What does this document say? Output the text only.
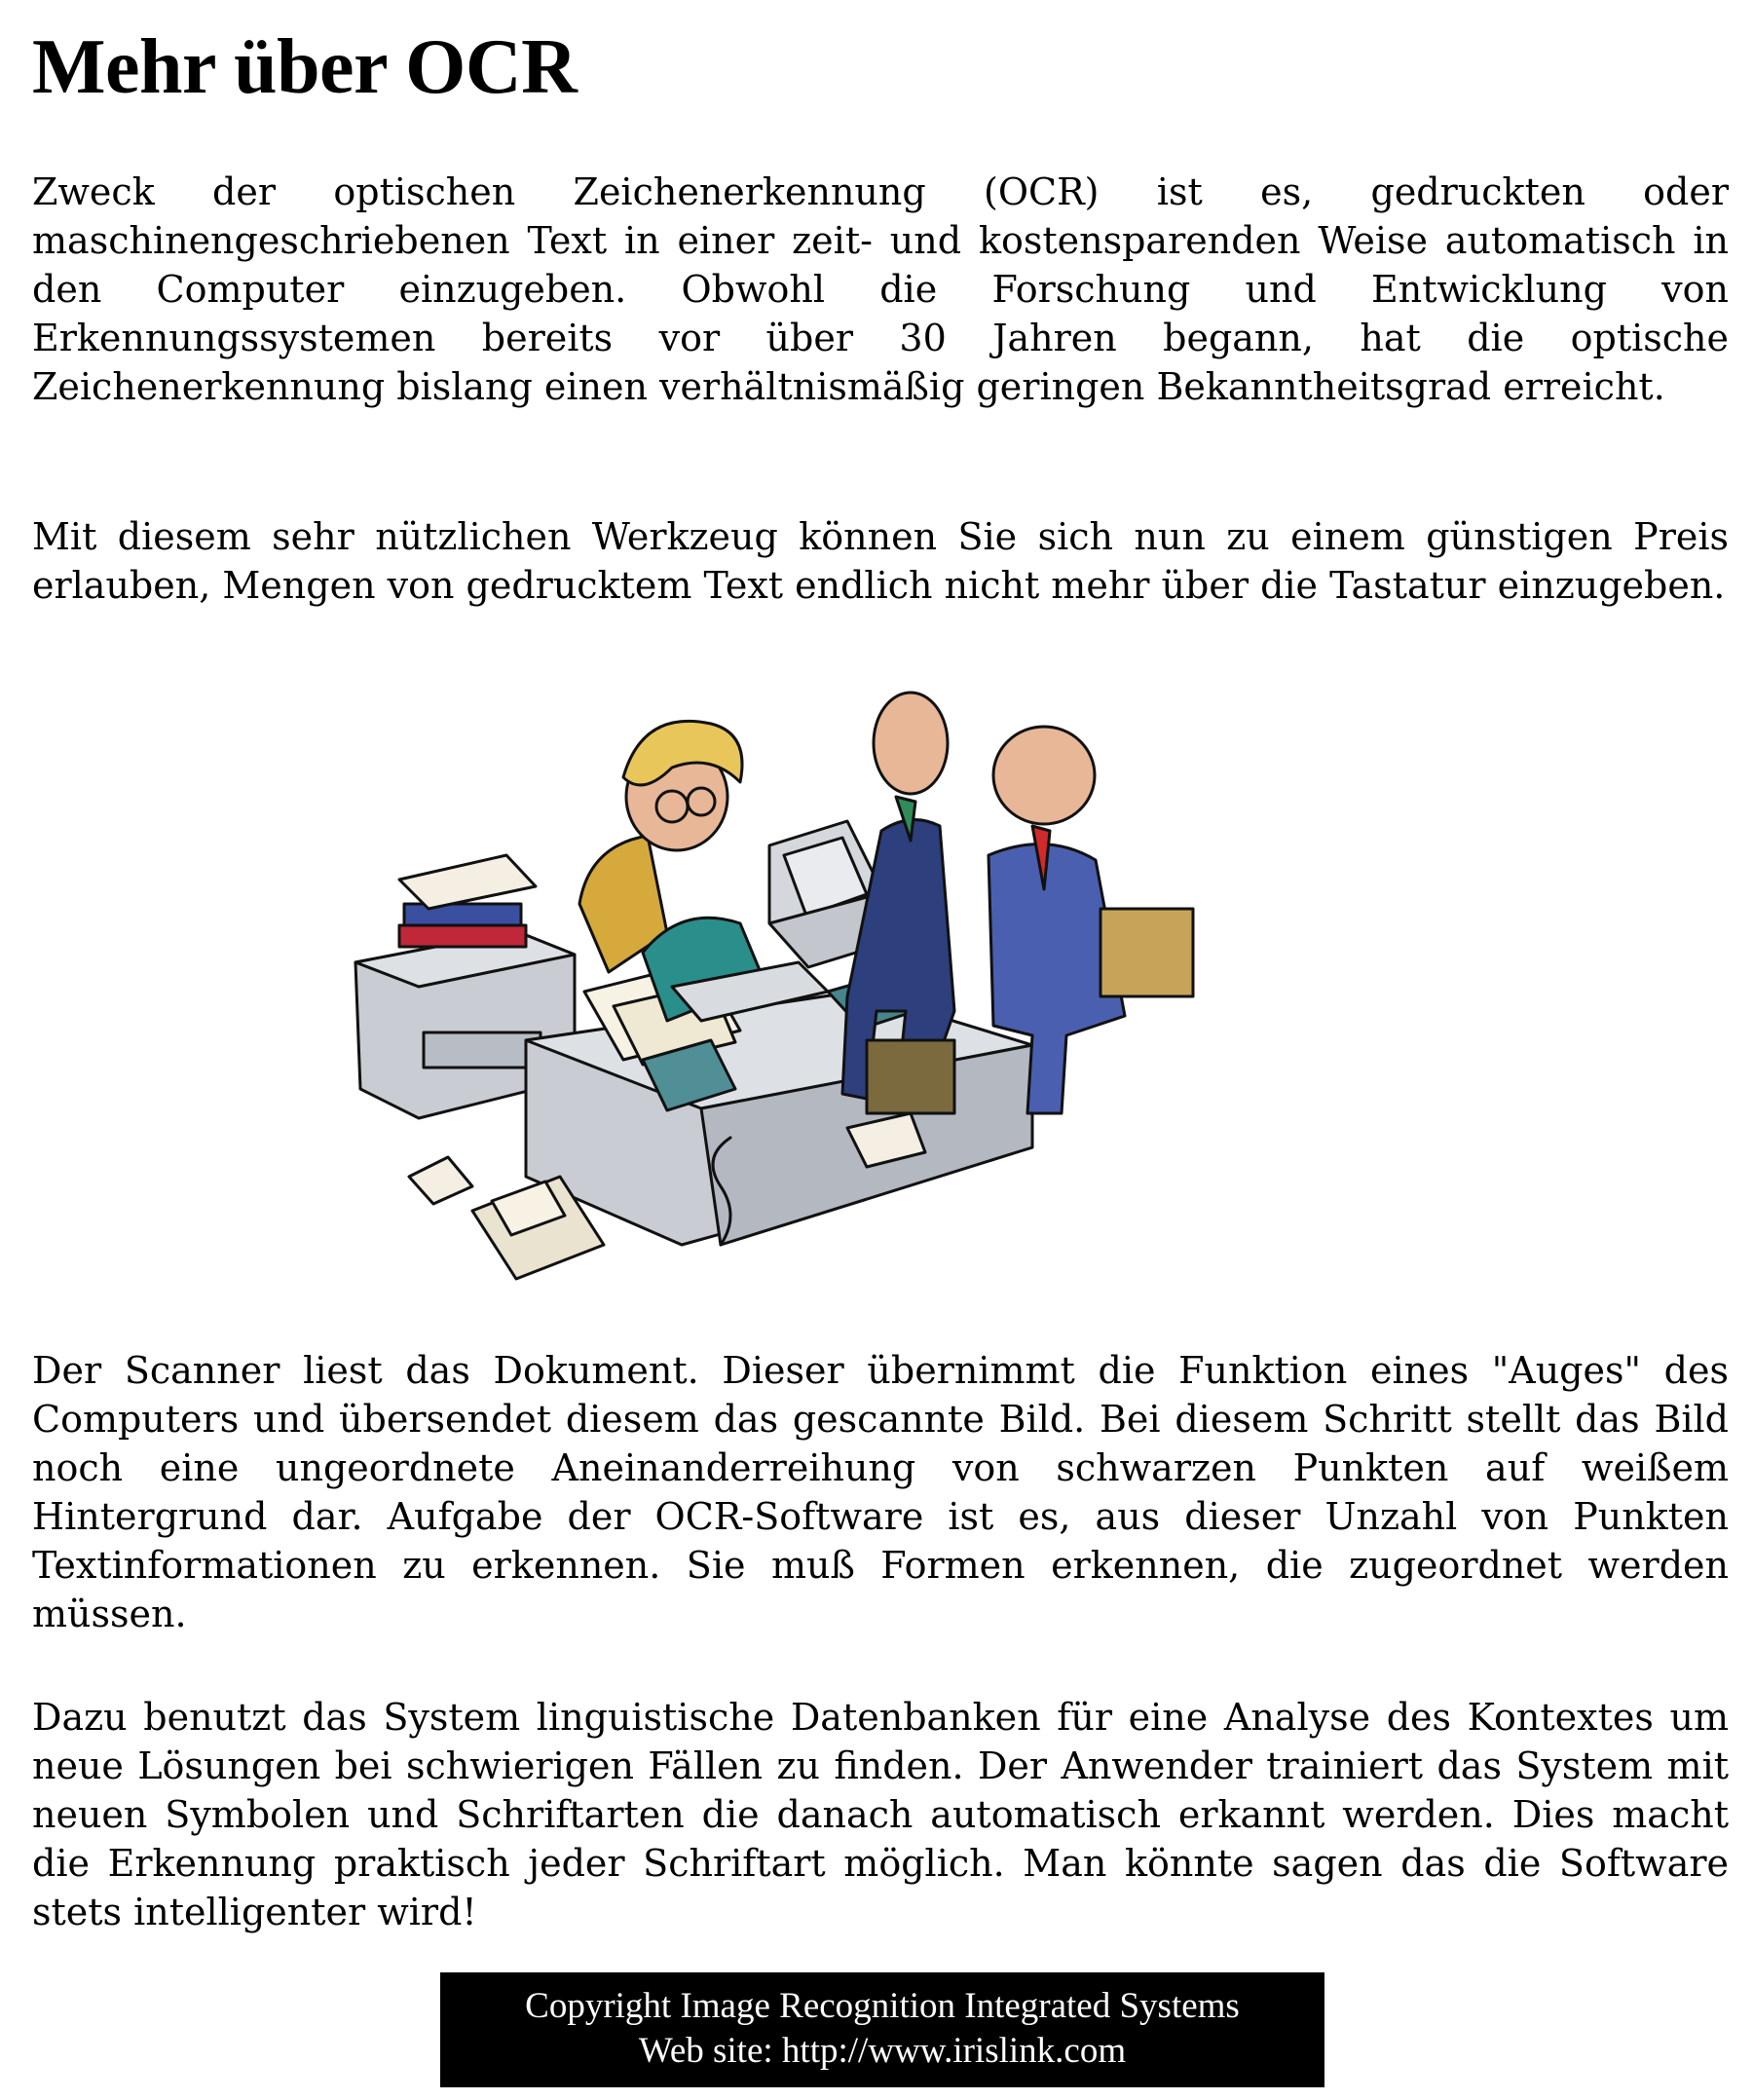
Mehr über OCR

Zweck der optischen Zeichenerkennung (OCR) ist es, gedruckten oder maschinengeschriebenen Text in einer zeit- und kostensparenden Weise automatisch in den Computer einzugeben. Obwohl die Forschung und Entwicklung von Erkennungssystemen bereits vor über 30 Jahren begann, hat die optische Zeichenerkennung bislang einen verhältnismäßig geringen Bekanntheitsgrad erreicht.

Mit diesem sehr nützlichen Werkzeug können Sie sich nun zu einem günstigen Preis erlauben, Mengen von gedrucktem Text endlich nicht mehr über die Tastatur einzugeben.

Der Scanner liest das Dokument. Dieser übernimmt die Funktion eines "Auges" des Computers und übersendet diesem das gescannte Bild. Bei diesem Schritt stellt das Bild noch eine ungeordnete Aneinanderreihung von schwarzen Punkten auf weißem Hintergrund dar. Aufgabe der OCR-Software ist es, aus dieser Unzahl von Punkten Textinformationen zu erkennen. Sie muß Formen erkennen, die zugeordnet werden müssen.

Dazu benutzt das System linguistische Datenbanken für eine Analyse des Kontextes um neue Lösungen bei schwierigen Fällen zu finden. Der Anwender trainiert das System mit neuen Symbolen und Schriftarten die danach automatisch erkannt werden. Dies macht die Erkennung praktisch jeder Schriftart möglich. Man könnte sagen das die Software stets intelligenter wird!

Copyright Image Recognition Integrated Systems
Web site: http://www.irislink.com
